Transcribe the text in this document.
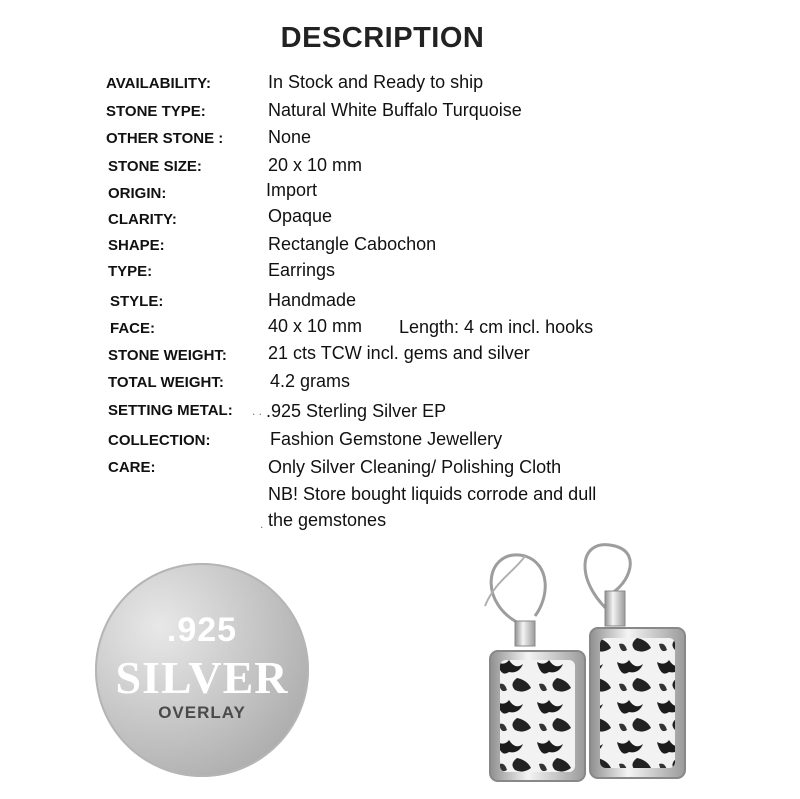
DESCRIPTION
AVAILABILITY:	In Stock and Ready to ship
STONE TYPE:	Natural White Buffalo Turquoise
OTHER STONE : None
STONE SIZE:	20 x 10 mm
ORIGIN:	Import
CLARITY:	Opaque
SHAPE:	Rectangle Cabochon
TYPE:	Earrings
STYLE:	Handmade
FACE:	40 x 10 mm Length: 4 cm incl. hooks
STONE WEIGHT: 21 cts TCW incl. gems and silver
TOTAL WEIGHT:	4.2 grams
SETTING METAL: . . .925 Sterling Silver EP
COLLECTION:	Fashion Gemstone Jewellery
CARE:	Only Silver Cleaning/ Polishing Cloth
NB! Store bought liquids corrode and dull
the gemstones
.
.925
SILVER
OVERLAY
